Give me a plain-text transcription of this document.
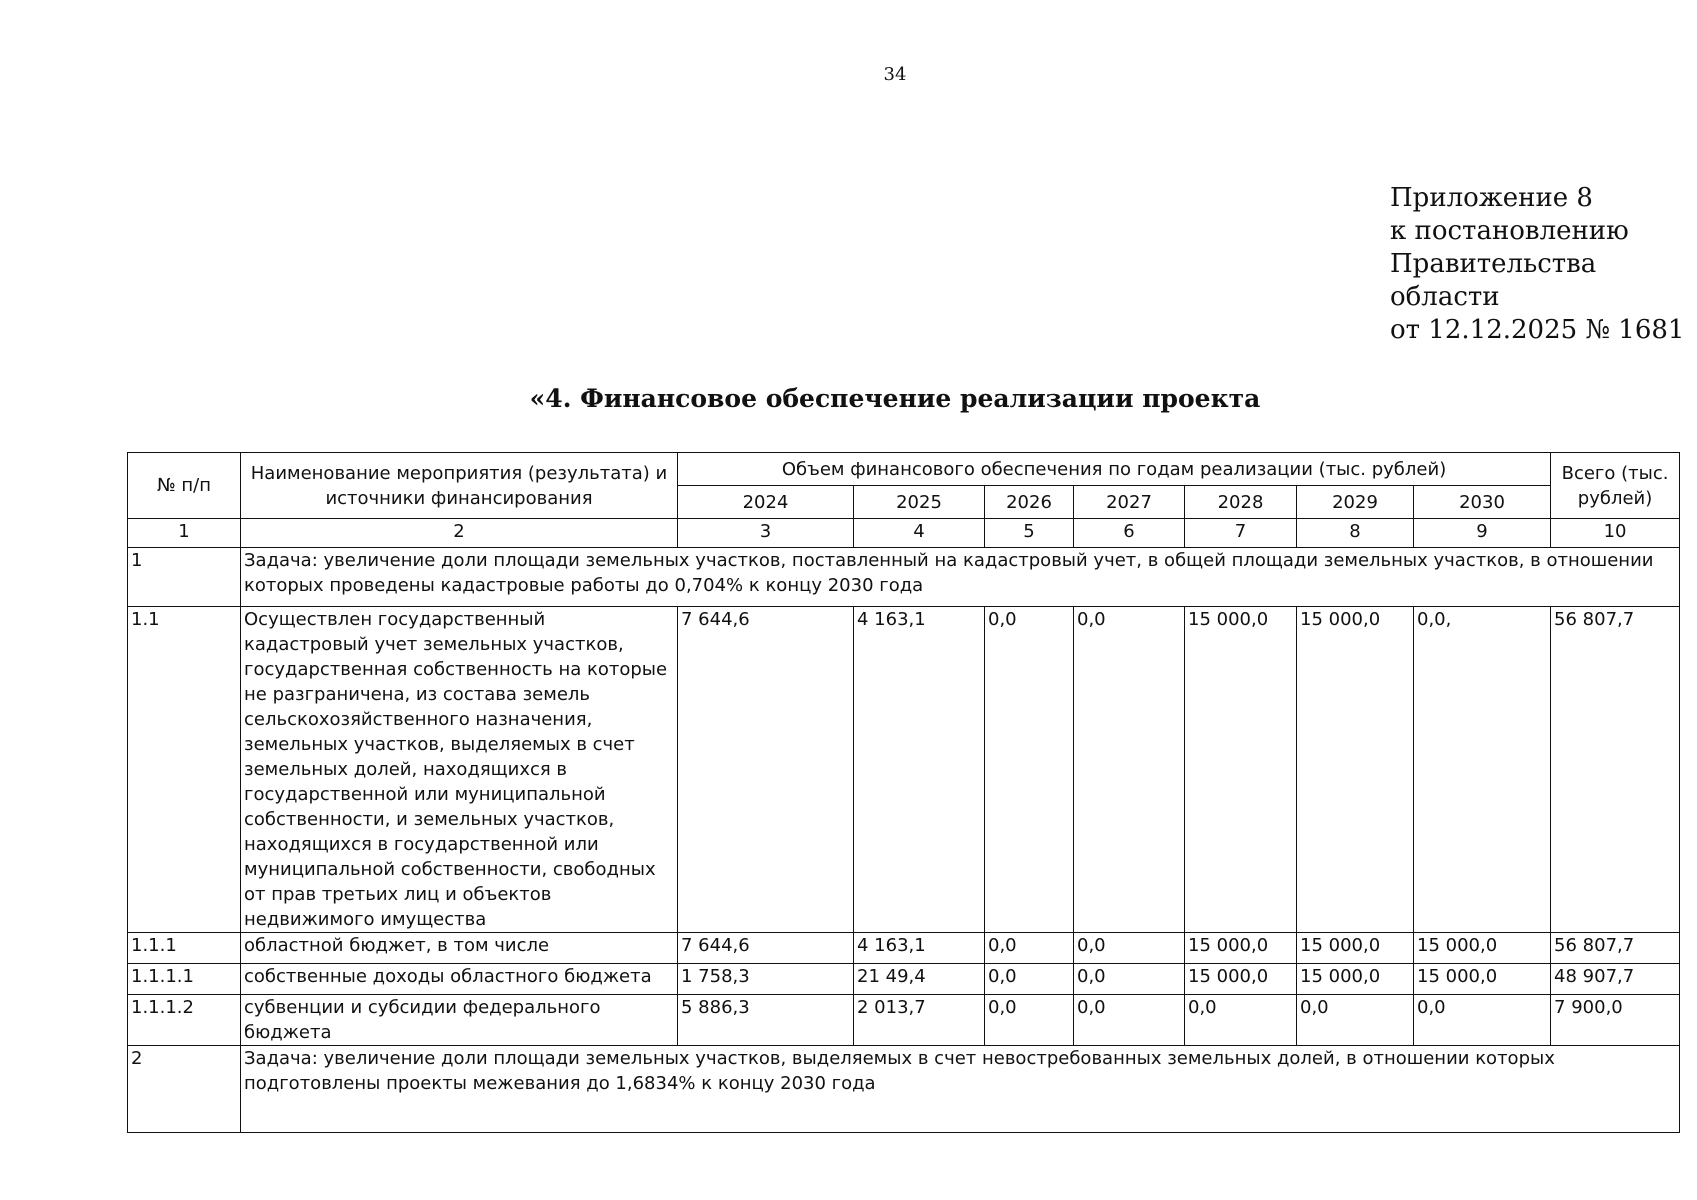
34
Приложение 8
к постановлению
Правительства области
от 12.12.2025 № 1681
«4. Финансовое обеспечение реализации проекта
№ п/п	Наименование мероприятия (результата) и источники финансирования	Объем финансового обеспечения по годам реализации (тыс. рублей)							Всего (тыс. рублей)
		2024	2025	2026	2027	2028	2029	2030	
1	2	3	4	5	6	7	8	9	10
1	Задача: увеличение доли площади земельных участков, поставленный на кадастровый учет, в общей площади земельных участков, в отношении которых проведены кадастровые работы до 0,704% к концу 2030 года								
1.1	Осуществлен государственный кадастровый учет земельных участков, государственная собственность на которые не разграничена, из состава земель сельскохозяйственного назначения, земельных участков, выделяемых в счет земельных долей, находящихся в государственной или муниципальной собственности, и земельных участков, находящихся в государственной или муниципальной собственности, свободных от прав третьих лиц и объектов недвижимого имущества	7 644,6	4 163,1	0,0	0,0	15 000,0	15 000,0	0,0,	56 807,7
1.1.1	областной бюджет, в том числе	7 644,6	4 163,1	0,0	0,0	15 000,0	15 000,0	15 000,0	56 807,7
1.1.1.1	собственные доходы областного бюджета	1 758,3	21 49,4	0,0	0,0	15 000,0	15 000,0	15 000,0	48 907,7
1.1.1.2	субвенции и субсидии федерального бюджета	5 886,3	2 013,7	0,0	0,0	0,0	0,0	0,0	7 900,0
2	Задача: увеличение доли площади земельных участков, выделяемых в счет невостребованных земельных долей, в отношении которых подготовлены проекты межевания до 1,6834% к концу 2030 года								
